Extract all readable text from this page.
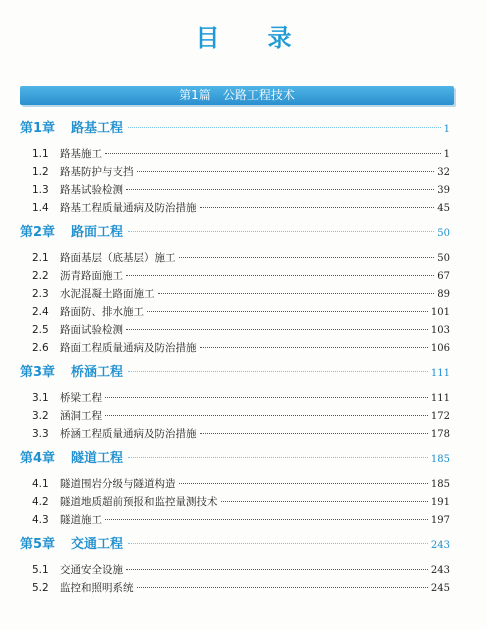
目 录
第1篇 公路工程技术
第1章 路基工程	1
1.1	路基施工	1
1.2	路基防护与支挡	32
1.3	路基试验检测	39
1.4	路基工程质量通病及防治措施	45
第2章 路面工程	50
2.1	路面基层（底基层）施工	50
2.2	沥青路面施工	67
2.3	水泥混凝土路面施工	89
2.4	路面防、排水施工	101
2.5	路面试验检测	103
2.6	路面工程质量通病及防治措施	106
第3章 桥涵工程	111
3.1	桥梁工程	111
3.2	涵洞工程	172
3.3	桥涵工程质量通病及防治措施	178
第4章 隧道工程	185
4.1	隧道围岩分级与隧道构造	185
4.2	隧道地质超前预报和监控量测技术	191
4.3	隧道施工	197
第5章 交通工程	243
5.1	交通安全设施	243
5.2	监控和照明系统	245
